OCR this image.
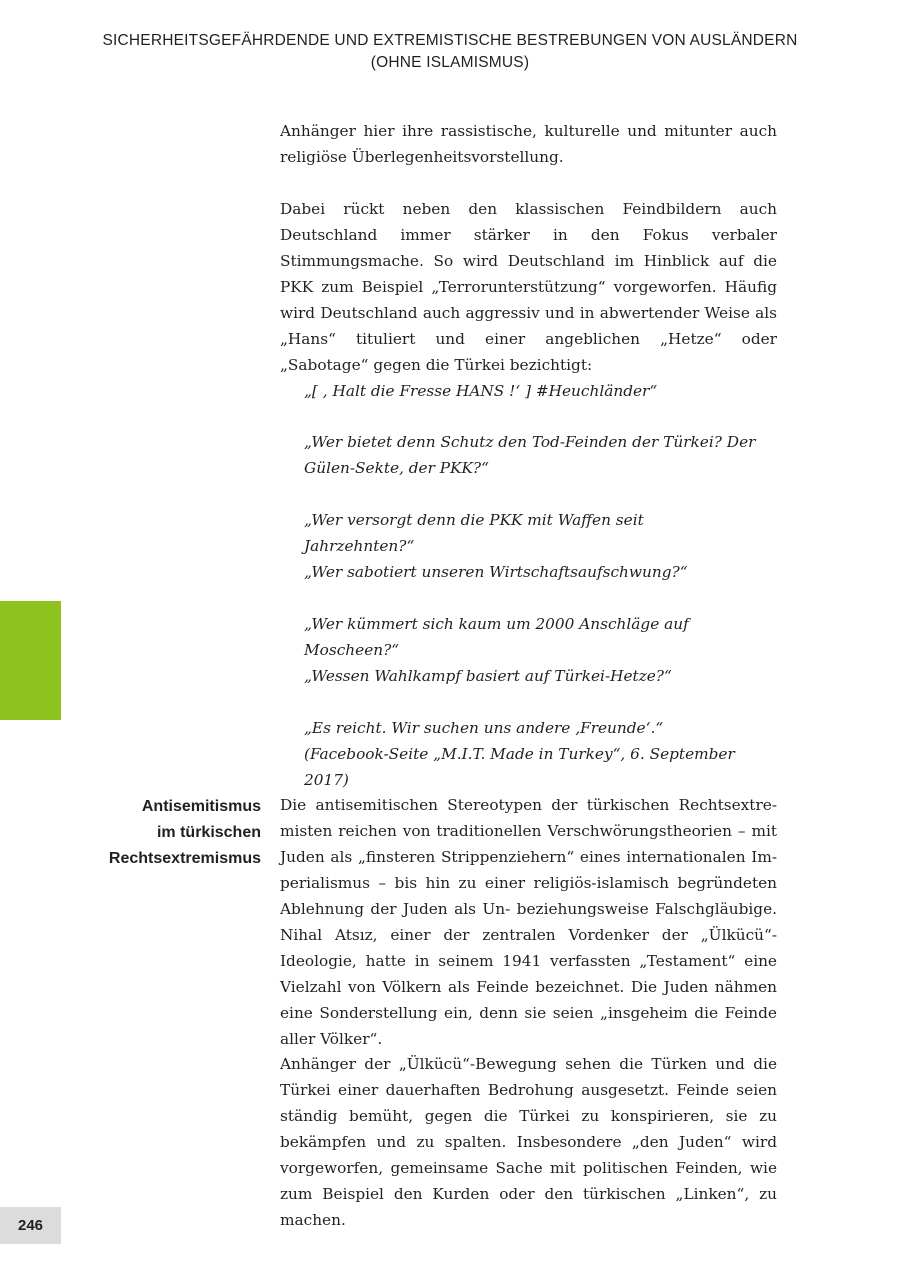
SICHERHEITSGEFÄHRDENDE UND EXTREMISTISCHE BESTREBUNGEN VON AUSLÄNDERN
(OHNE ISLAMISMUS)
Anhänger hier ihre rassistische, kulturelle und mitunter auch religiöse Überlegenheitsvorstellung.
Dabei rückt neben den klassischen Feindbildern auch Deutschland immer stärker in den Fokus verbaler Stimmungsmache. So wird Deutschland im Hinblick auf die PKK zum Beispiel „Terrorunterstützung“ vorgeworfen. Häufig wird Deutschland auch aggressiv und in abwertender Weise als „Hans“ tituliert und einer angeblichen „Hetze“ oder „Sabotage“ gegen die Türkei bezichtigt:
„[ , Halt die Fresse HANS !‘ ] #Heuchländer“
„Wer bietet denn Schutz den Tod-Feinden der Türkei? Der Gülen-Sekte, der PKK?“
„Wer versorgt denn die PKK mit Waffen seit Jahrzehnten?“
„Wer sabotiert unseren Wirtschaftsaufschwung?“
„Wer kümmert sich kaum um 2000 Anschläge auf Moscheen?“
„Wessen Wahlkampf basiert auf Türkei-Hetze?“
„Es reicht. Wir suchen uns andere ‚Freunde‘.“
(Facebook-Seite „M.I.T. Made in Turkey“, 6. September 2017)
Antisemitismus
im türkischen
Rechtsextremismus
Die antisemitischen Stereotypen der türkischen Rechtsextremisten reichen von traditionellen Verschwörungstheorien – mit Juden als „finsteren Strippenziehern“ eines internationalen Imperialismus – bis hin zu einer religiös-islamisch begründeten Ablehnung der Juden als Un- beziehungsweise Falschgläubige. Nihal Atsız, einer der zentralen Vordenker der „Ülkücü“-Ideologie, hatte in seinem 1941 verfassten „Testament“ eine Vielzahl von Völkern als Feinde bezeichnet. Die Juden nähmen eine Sonderstellung ein, denn sie seien „insgeheim die Feinde aller Völker“.
Anhänger der „Ülkücü“-Bewegung sehen die Türken und die Türkei einer dauerhaften Bedrohung ausgesetzt. Feinde seien ständig bemüht, gegen die Türkei zu konspirieren, sie zu bekämpfen und zu spalten. Insbesondere „den Juden“ wird vorgeworfen, gemeinsame Sache mit politischen Feinden, wie zum Beispiel den Kurden oder den türkischen „Linken“, zu machen.
246
